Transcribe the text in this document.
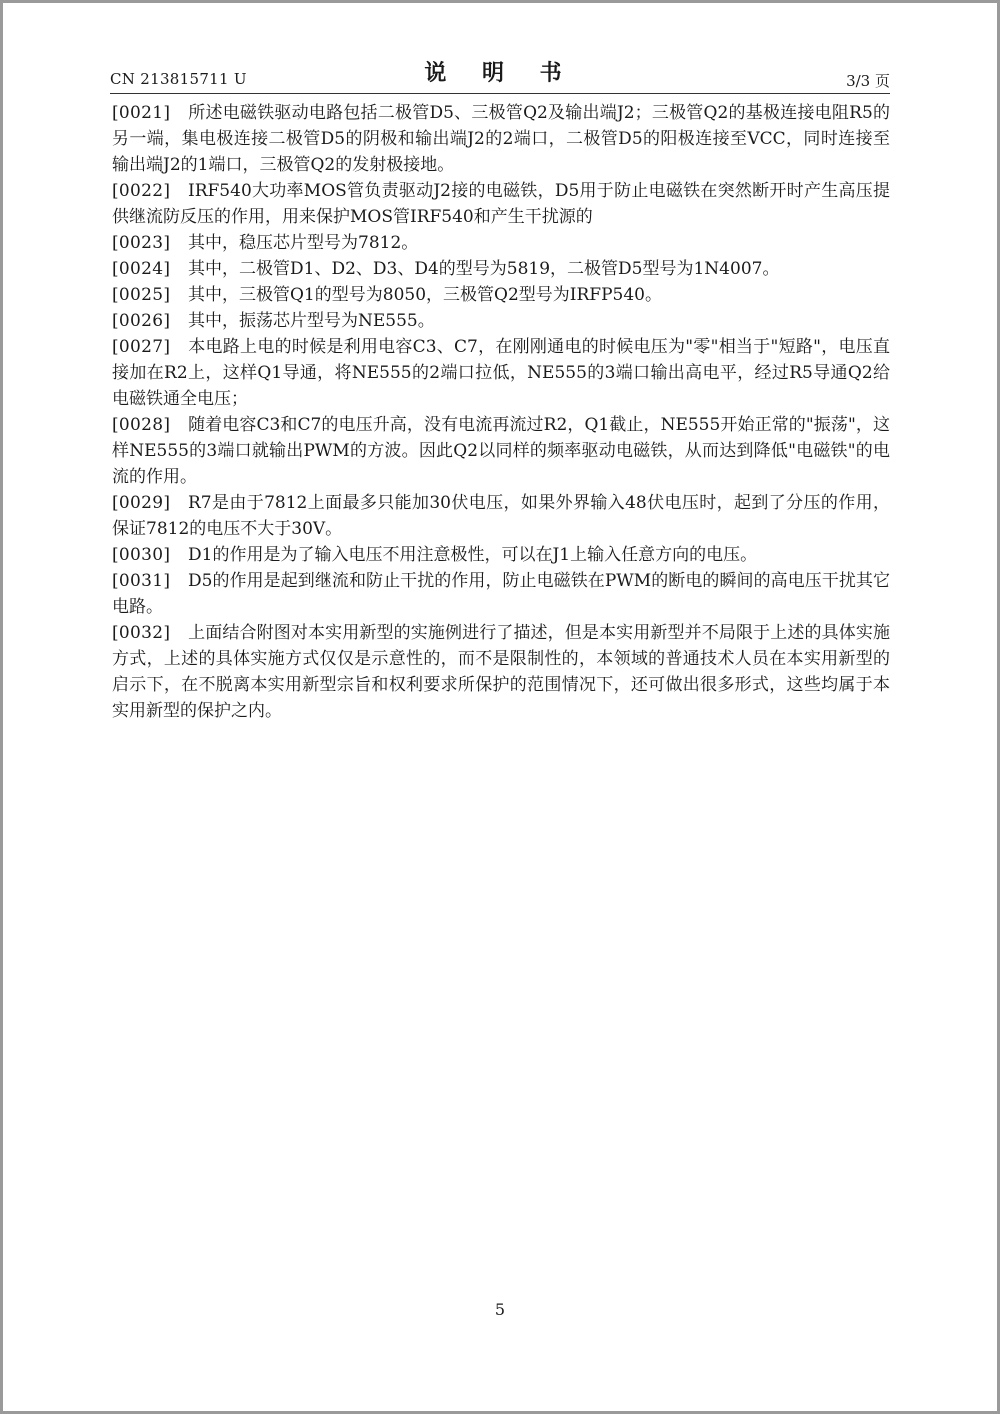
CN 213815711 U	说 明 书	3/3 页

[0021] 所述电磁铁驱动电路包括二极管D5、三极管Q2及输出端J2；三极管Q2的基极连接电阻R5的另一端，集电极连接二极管D5的阴极和输出端J2的2端口，二极管D5的阳极连接至VCC，同时连接至输出端J2的1端口，三极管Q2的发射极接地。

[0022] IRF540大功率MOS管负责驱动J2接的电磁铁，D5用于防止电磁铁在突然断开时产生高压提供继流防反压的作用，用来保护MOS管IRF540和产生干扰源的

[0023] 其中，稳压芯片型号为7812。

[0024] 其中，二极管D1、D2、D3、D4的型号为5819，二极管D5型号为1N4007。

[0025] 其中，三极管Q1的型号为8050，三极管Q2型号为IRFP540。

[0026] 其中，振荡芯片型号为NE555。

[0027] 本电路上电的时候是利用电容C3、C7，在刚刚通电的时候电压为"零"相当于"短路"，电压直接加在R2上，这样Q1导通，将NE555的2端口拉低，NE555的3端口输出高电平，经过R5导通Q2给电磁铁通全电压；

[0028] 随着电容C3和C7的电压升高，没有电流再流过R2，Q1截止，NE555开始正常的"振荡"，这样NE555的3端口就输出PWM的方波。因此Q2以同样的频率驱动电磁铁，从而达到降低"电磁铁"的电流的作用。

[0029] R7是由于7812上面最多只能加30伏电压，如果外界输入48伏电压时，起到了分压的作用，保证7812的电压不大于30V。

[0030] D1的作用是为了输入电压不用注意极性，可以在J1上输入任意方向的电压。

[0031] D5的作用是起到继流和防止干扰的作用，防止电磁铁在PWM的断电的瞬间的高电压干扰其它电路。

[0032] 上面结合附图对本实用新型的实施例进行了描述，但是本实用新型并不局限于上述的具体实施方式，上述的具体实施方式仅仅是示意性的，而不是限制性的，本领域的普通技术人员在本实用新型的启示下，在不脱离本实用新型宗旨和权利要求所保护的范围情况下，还可做出很多形式，这些均属于本实用新型的保护之内。

5
